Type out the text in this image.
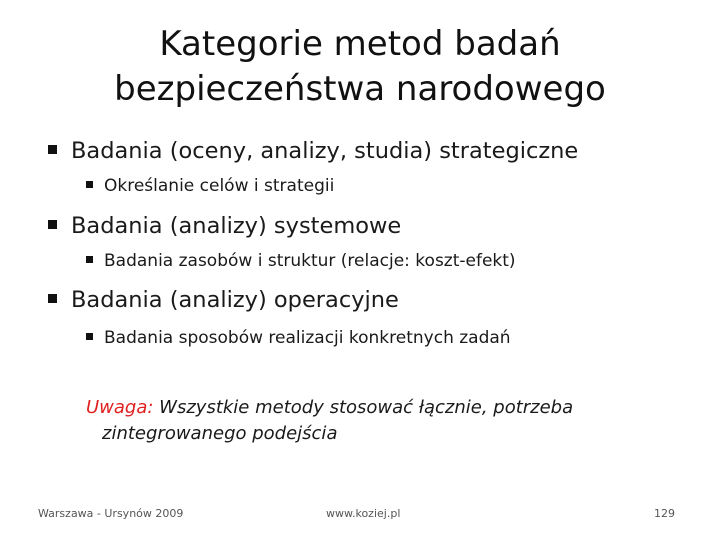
Kategorie metod badań
bezpieczeństwa narodowego
Badania (oceny, analizy, studia) strategiczne
Określanie celów i strategii
Badania (analizy) systemowe
Badania zasobów i struktur (relacje: koszt-efekt)
Badania (analizy) operacyjne
Badania sposobów realizacji konkretnych zadań
Uwaga: Wszystkie metody stosować łącznie, potrzeba
zintegrowanego podejścia
Warszawa - Ursynów 2009	www.koziej.pl	129
